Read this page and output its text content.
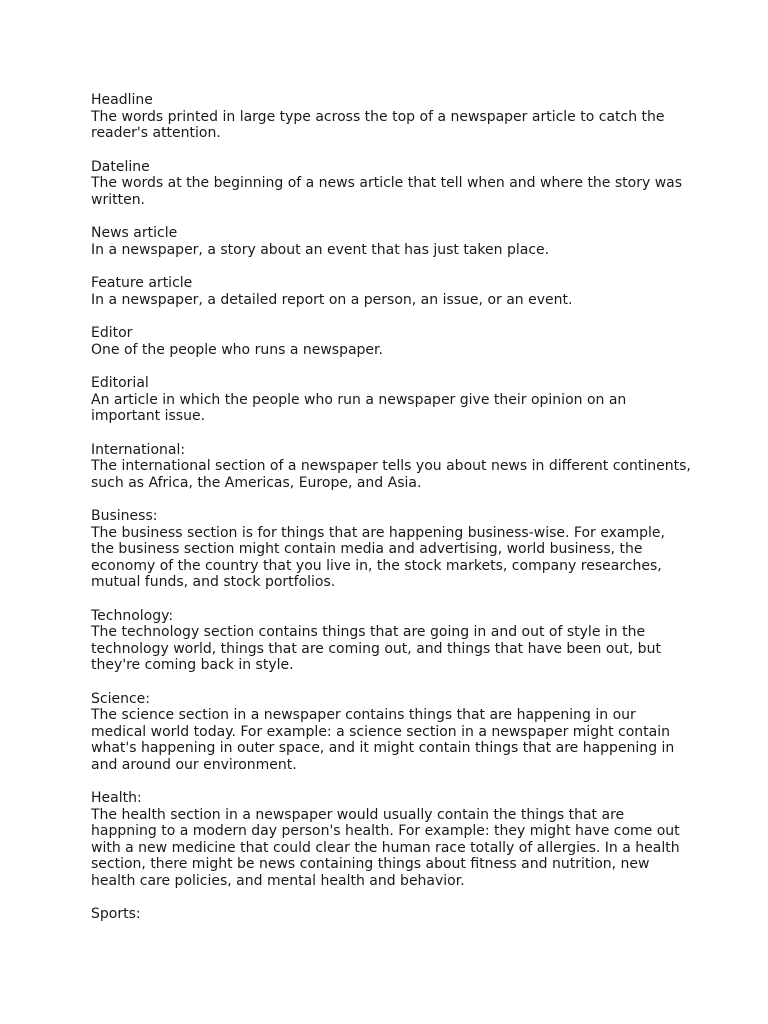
Headline
The words printed in large type across the top of a newspaper article to catch the reader's attention.
Dateline
The words at the beginning of a news article that tell when and where the story was written.
News article
In a newspaper, a story about an event that has just taken place.
Feature article
In a newspaper, a detailed report on a person, an issue, or an event.
Editor
One of the people who runs a newspaper.
Editorial
An article in which the people who run a newspaper give their opinion on an important issue.
International:
The international section of a newspaper tells you about news in different continents, such as Africa, the Americas, Europe, and Asia.
Business:
The business section is for things that are happening business-wise. For example, the business section might contain media and advertising, world business, the economy of the country that you live in, the stock markets, company researches, mutual funds, and stock portfolios.
Technology:
The technology section contains things that are going in and out of style in the technology world, things that are coming out, and things that have been out, but they're coming back in style.
Science:
The science section in a newspaper contains things that are happening in our medical world today. For example: a science section in a newspaper might contain what's happening in outer space, and it might contain things that are happening in and around our environment.
Health:
The health section in a newspaper would usually contain the things that are happning to a modern day person's health. For example: they might have come out with a new medicine that could clear the human race totally of allergies. In a health section, there might be news containing things about fitness and nutrition, new health care policies, and mental health and behavior.
Sports:
